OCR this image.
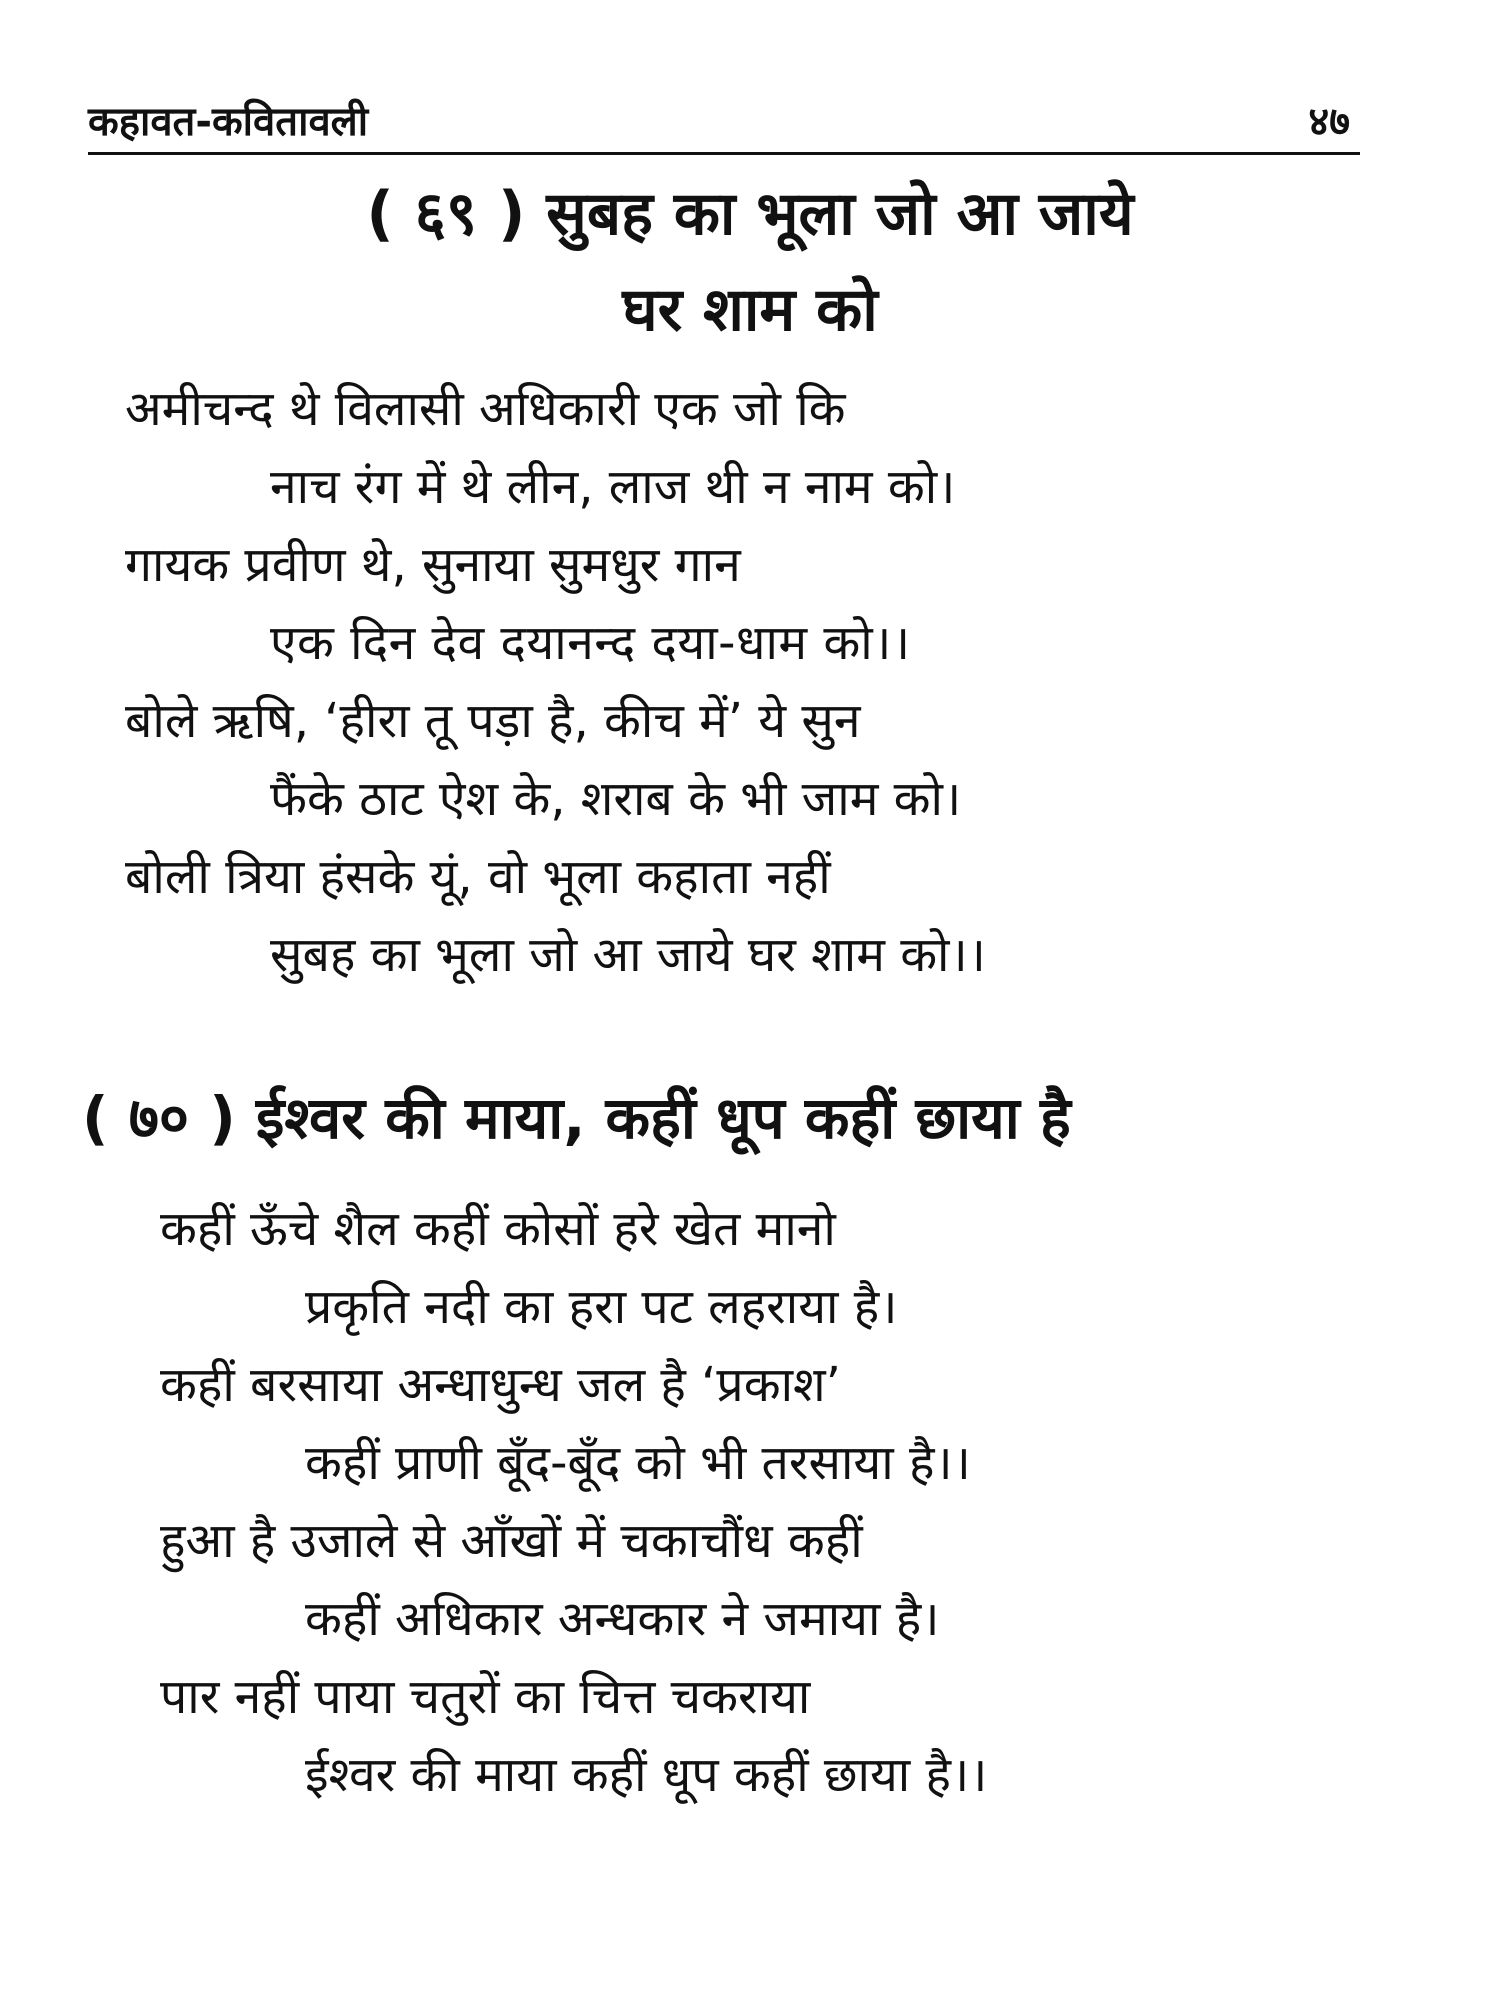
कहावत-कवितावली	४७
( ६९ ) सुबह का भूला जो आ जाये
घर शाम को
अमीचन्द थे विलासी अधिकारी एक जो कि
नाच रंग में थे लीन, लाज थी न नाम को।
गायक प्रवीण थे, सुनाया सुमधुर गान
एक दिन देव दयानन्द दया-धाम को।।
बोले ऋषि, ‘हीरा तू पड़ा है, कीच में’ ये सुन
फैंके ठाट ऐश के, शराब के भी जाम को।
बोली त्रिया हंसके यूं, वो भूला कहाता नहीं
सुबह का भूला जो आ जाये घर शाम को।।
( ७० ) ईश्वर की माया, कहीं धूप कहीं छाया है
कहीं ऊँचे शैल कहीं कोसों हरे खेत मानो
प्रकृति नदी का हरा पट लहराया है।
कहीं बरसाया अन्धाधुन्ध जल है ‘प्रकाश’
कहीं प्राणी बूँद-बूँद को भी तरसाया है।।
हुआ है उजाले से आँखों में चकाचौंध कहीं
कहीं अधिकार अन्धकार ने जमाया है।
पार नहीं पाया चतुरों का चित्त चकराया
ईश्वर की माया कहीं धूप कहीं छाया है।।
